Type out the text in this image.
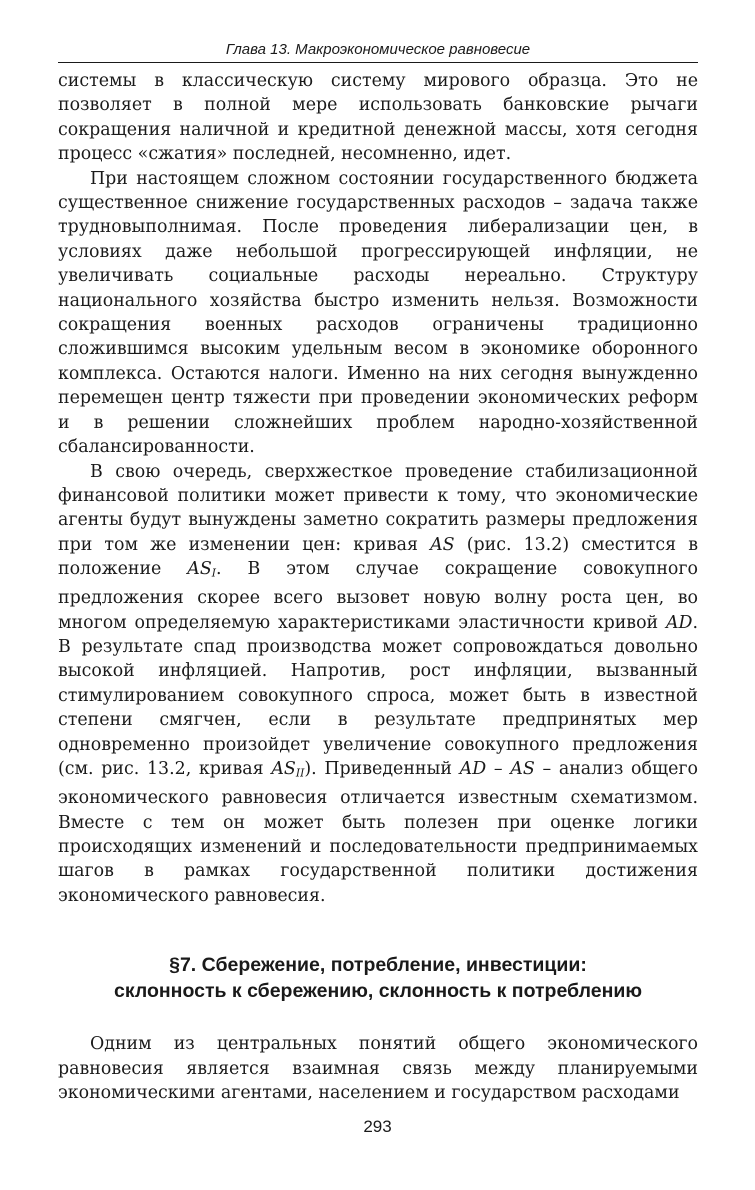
Глава 13. Макроэкономическое равновесие

системы в классическую систему мирового образца. Это не позволяет в полной мере использовать банковские рычаги сокращения наличной и кредитной денежной массы, хотя сегодня процесс «сжатия» последней, несомненно, идет.

При настоящем сложном состоянии государственного бюджета существенное снижение государственных расходов – задача также трудновыполнимая. После проведения либерализации цен, в условиях даже небольшой прогрессирующей инфляции, не увеличивать социальные расходы нереально. Структуру национального хозяйства быстро изменить нельзя. Возможности сокращения военных расходов ограничены традиционно сложившимся высоким удельным весом в экономике оборонного комплекса. Остаются налоги. Именно на них сегодня вынужденно перемещен центр тяжести при проведении экономических реформ и в решении сложнейших проблем народно-хозяйственной сбалансированности.

В свою очередь, сверхжесткое проведение стабилизационной финансовой политики может привести к тому, что экономические агенты будут вынуждены заметно сократить размеры предложения при том же изменении цен: кривая AS (рис. 13.2) сместится в положение $AS_I$. В этом случае сокращение совокупного предложения скорее всего вызовет новую волну роста цен, во многом определяемую характеристиками эластичности кривой AD. В результате спад производства может сопровождаться довольно высокой инфляцией. Напротив, рост инфляции, вызванный стимулированием совокупного спроса, может быть в известной степени смягчен, если в результате предпринятых мер одновременно произойдет увеличение совокупного предложения (см. рис. 13.2, кривая $AS_{II}$). Приведенный AD – AS – анализ общего экономического равновесия отличается известным схематизмом. Вместе с тем он может быть полезен при оценке логики происходящих изменений и последовательности предпринимаемых шагов в рамках государственной политики достижения экономического равновесия.

§7. Сбережение, потребление, инвестиции:
склонность к сбережению, склонность к потреблению

Одним из центральных понятий общего экономического равновесия является взаимная связь между планируемыми экономическими агентами, населением и государством расходами

293
